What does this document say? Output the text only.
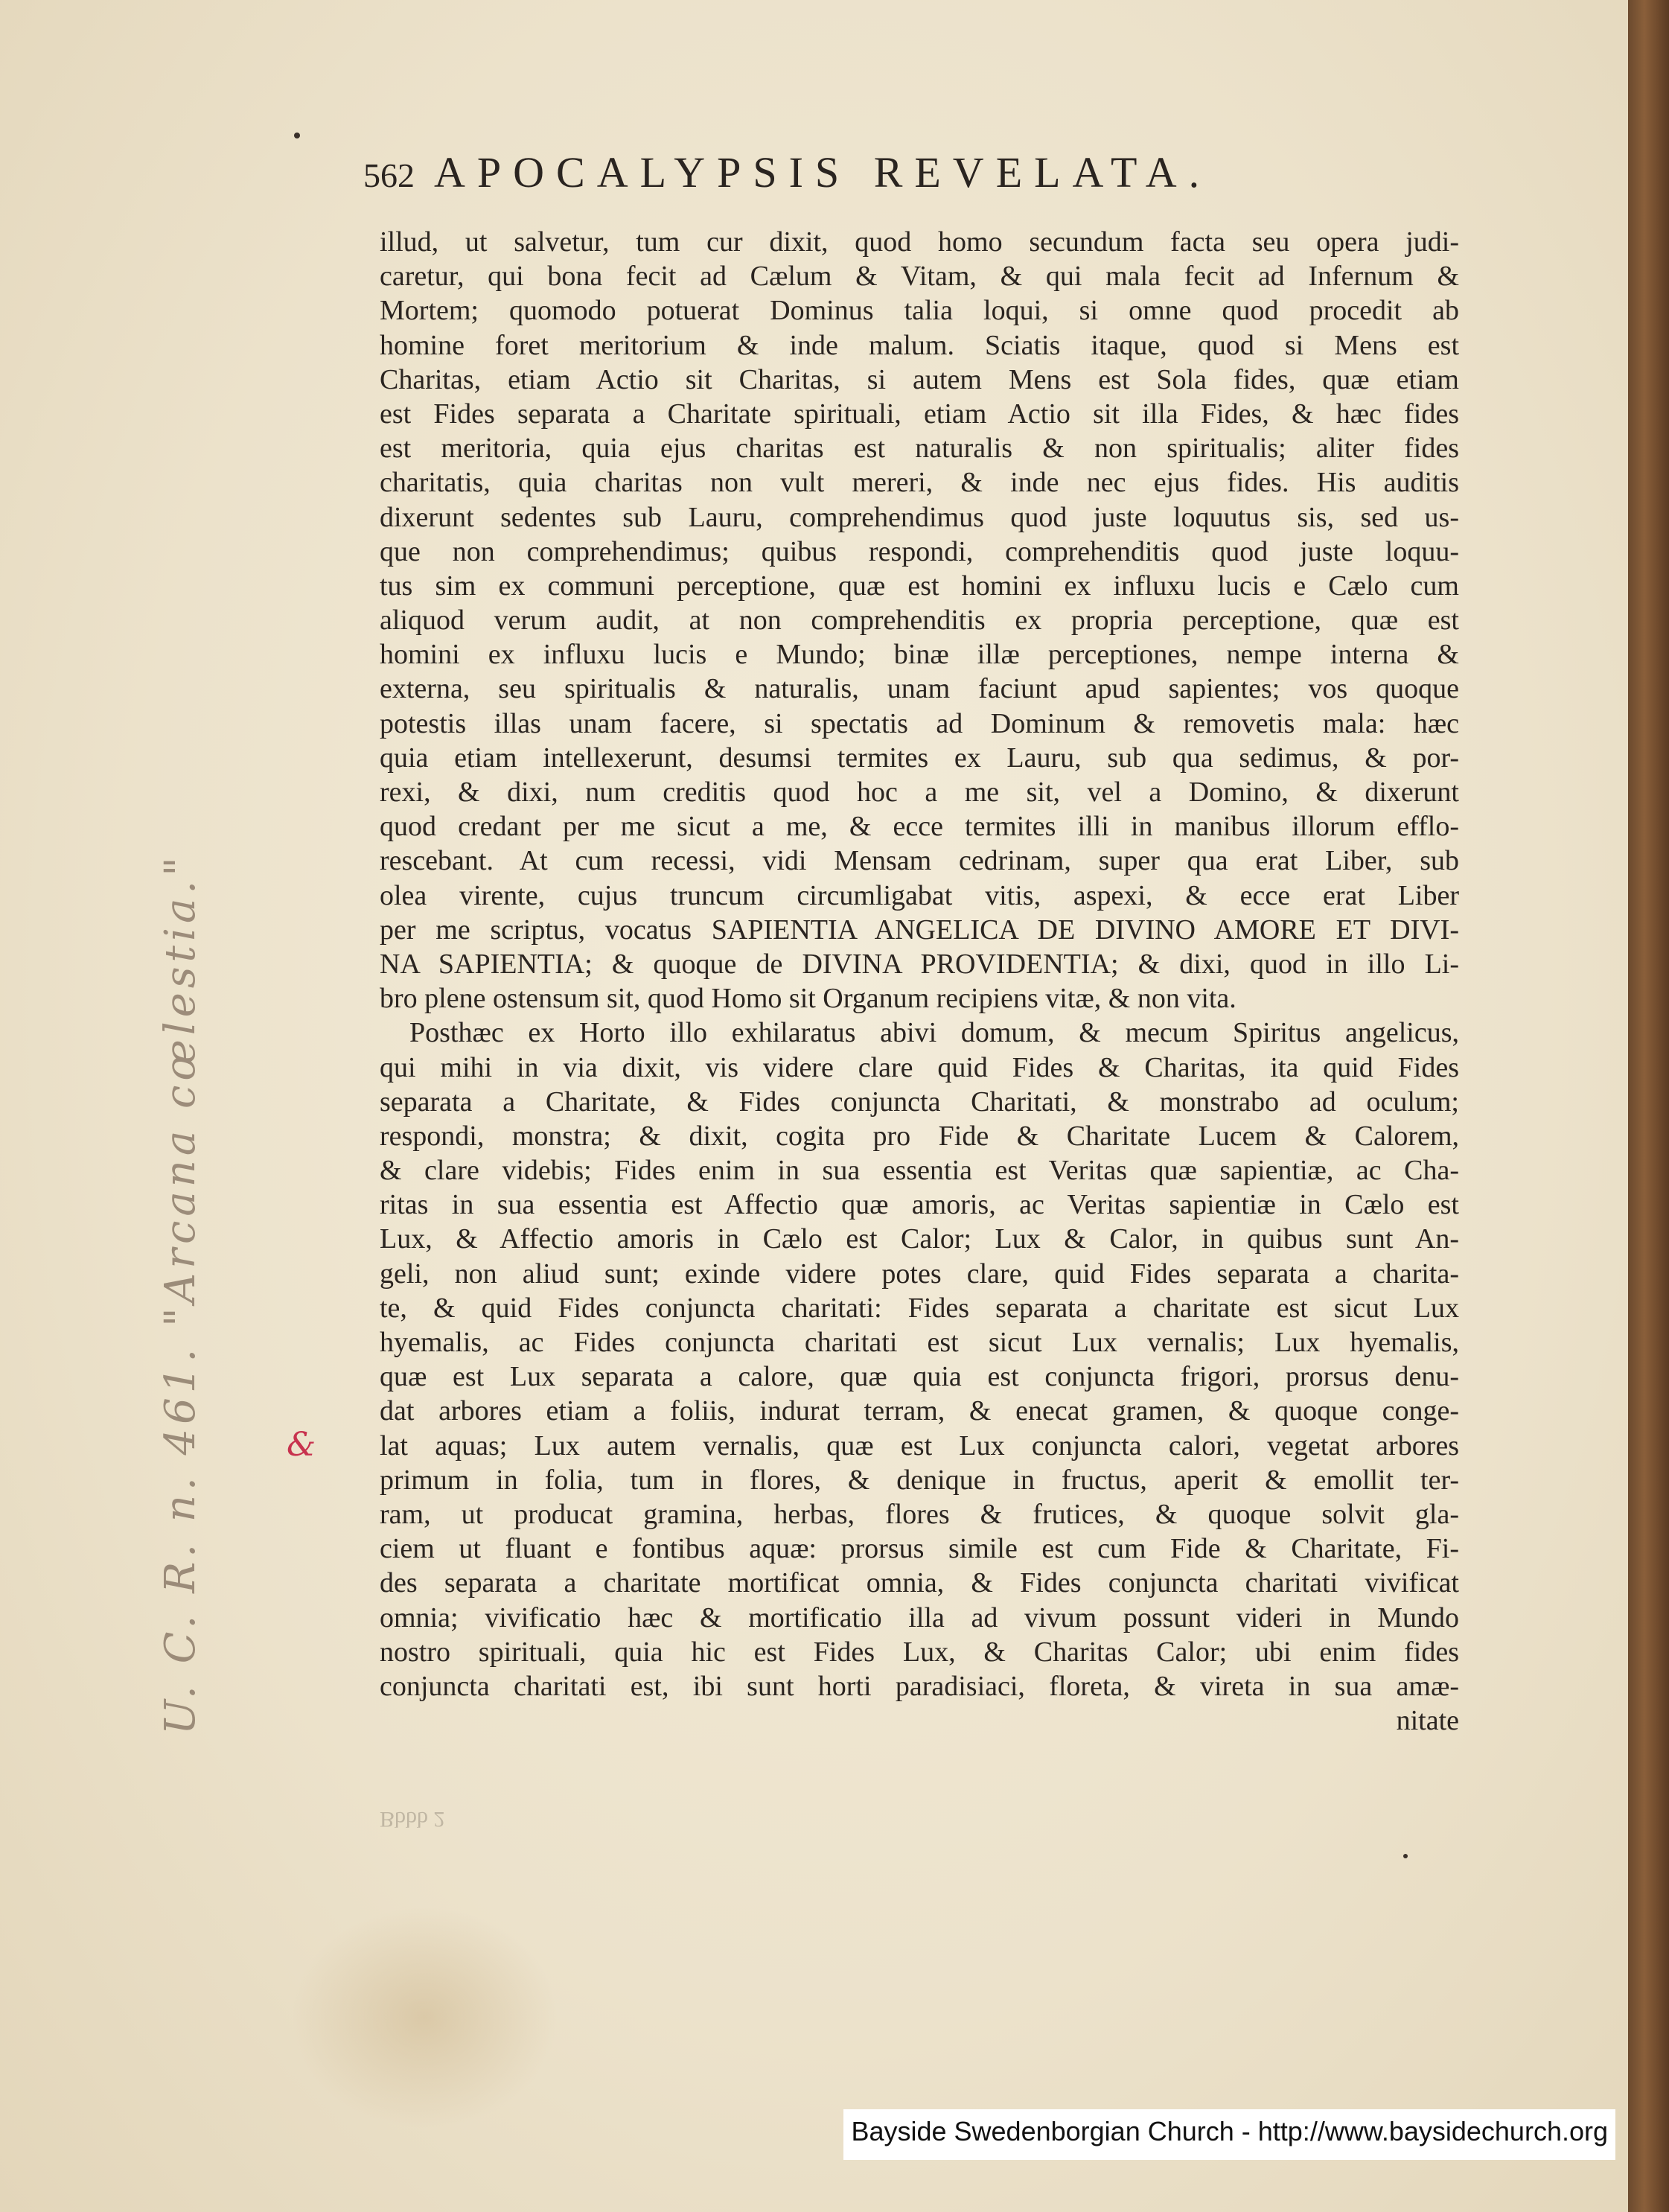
562 APOCALYPSIS REVELATA.
illud, ut salvetur, tum cur dixit, quod homo secundum facta seu opera judi-
caretur, qui bona fecit ad Cælum & Vitam, & qui mala fecit ad Infernum &
Mortem; quomodo potuerat Dominus talia loqui, si omne quod procedit ab
homine foret meritorium & inde malum. Sciatis itaque, quod si Mens est
Charitas, etiam Actio sit Charitas, si autem Mens est Sola fides, quæ etiam
est Fides separata a Charitate spirituali, etiam Actio sit illa Fides, & hæc fides
est meritoria, quia ejus charitas est naturalis & non spiritualis; aliter fides
charitatis, quia charitas non vult mereri, & inde nec ejus fides. His auditis
dixerunt sedentes sub Lauru, comprehendimus quod juste loquutus sis, sed us-
que non comprehendimus; quibus respondi, comprehenditis quod juste loquu-
tus sim ex communi perceptione, quæ est homini ex influxu lucis e Cælo cum
aliquod verum audit, at non comprehenditis ex propria perceptione, quæ est
homini ex influxu lucis e Mundo; binæ illæ perceptiones, nempe interna &
externa, seu spiritualis & naturalis, unam faciunt apud sapientes; vos quoque
potestis illas unam facere, si spectatis ad Dominum & removetis mala: hæc
quia etiam intellexerunt, desumsi termites ex Lauru, sub qua sedimus, & por-
rexi, & dixi, num creditis quod hoc a me sit, vel a Domino, & dixerunt
quod credant per me sicut a me, & ecce termites illi in manibus illorum efflo-
rescebant. At cum recessi, vidi Mensam cedrinam, super qua erat Liber, sub
olea virente, cujus truncum circumligabat vitis, aspexi, & ecce erat Liber
per me scriptus, vocatus SAPIENTIA ANGELICA DE DIVINO AMORE ET DIVI-
NA SAPIENTIA; & quoque de DIVINA PROVIDENTIA; & dixi, quod in illo Li-
bro plene ostensum sit, quod Homo sit Organum recipiens vitæ, & non vita.
Posthæc ex Horto illo exhilaratus abivi domum, & mecum Spiritus angelicus,
qui mihi in via dixit, vis videre clare quid Fides & Charitas, ita quid Fides
separata a Charitate, & Fides conjuncta Charitati, & monstrabo ad oculum;
respondi, monstra; & dixit, cogita pro Fide & Charitate Lucem & Calorem,
& clare videbis; Fides enim in sua essentia est Veritas quæ sapientiæ, ac Cha-
ritas in sua essentia est Affectio quæ amoris, ac Veritas sapientiæ in Cælo est
Lux, & Affectio amoris in Cælo est Calor; Lux & Calor, in quibus sunt An-
geli, non aliud sunt; exinde videre potes clare, quid Fides separata a charita-
te, & quid Fides conjuncta charitati: Fides separata a charitate est sicut Lux
hyemalis, ac Fides conjuncta charitati est sicut Lux vernalis; Lux hyemalis,
quæ est Lux separata a calore, quæ quia est conjuncta frigori, prorsus denu-
dat arbores etiam a foliis, indurat terram, & enecat gramen, & quoque conge-
lat aquas; Lux autem vernalis, quæ est Lux conjuncta calori, vegetat arbores
primum in folia, tum in flores, & denique in fructus, aperit & emollit ter-
ram, ut producat gramina, herbas, flores & frutices, & quoque solvit gla-
ciem ut fluant e fontibus aquæ: prorsus simile est cum Fide & Charitate, Fi-
des separata a charitate mortificat omnia, & Fides conjuncta charitati vivificat
omnia; vivificatio hæc & mortificatio illa ad vivum possunt videri in Mundo
nostro spirituali, quia hic est Fides Lux, & Charitas Calor; ubi enim fides
conjuncta charitati est, ibi sunt horti paradisiaci, floreta, & vireta in sua amæ-
nitate
Bbbb 2
U. C. R. n. 461. "Arcana cœlestia."	&
Bayside Swedenborgian Church - http://www.baysidechurch.org
